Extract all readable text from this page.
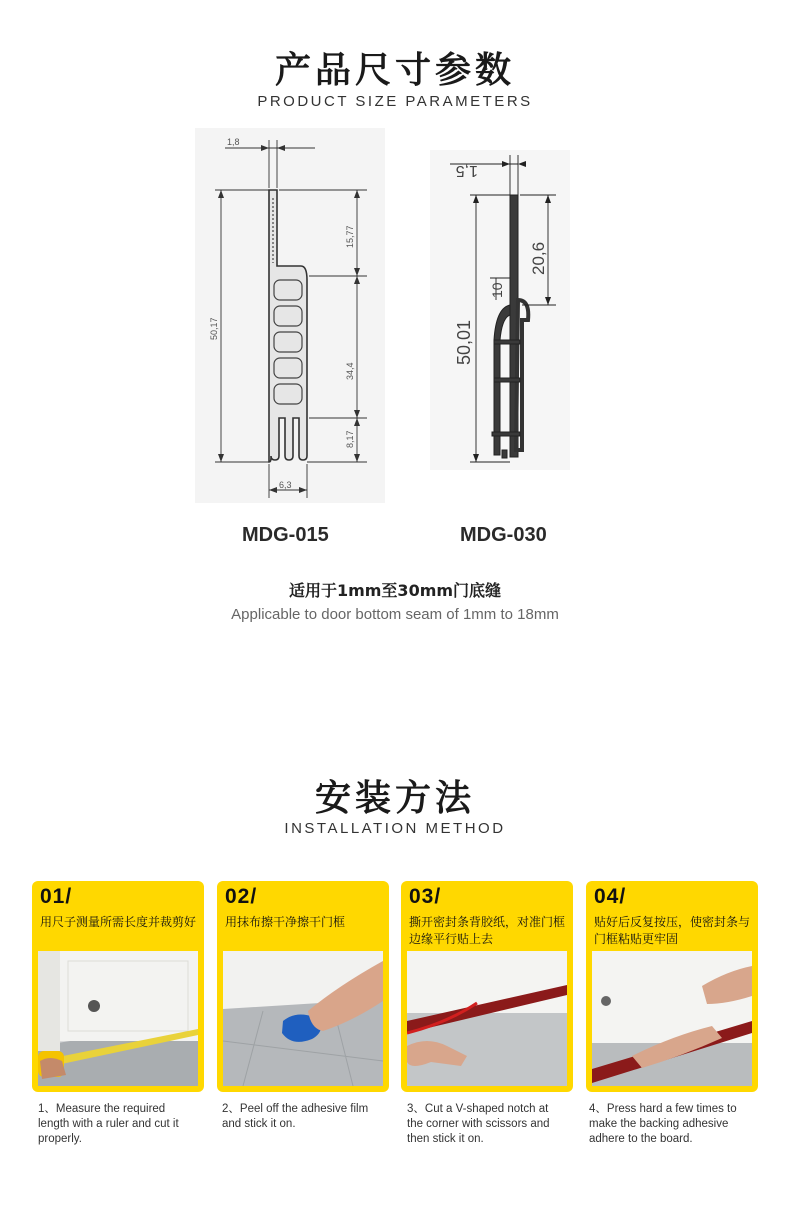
产品尺寸参数
PRODUCT SIZE PARAMETERS
1,8
50,17
15,77
34,4
8,17
6,3
1,5
20,6
10
50,01
MDG-015	MDG-030
适用于1mm至30mm门底缝
Applicable to door bottom seam of 1mm to 18mm
安装方法
INSTALLATION METHOD
01/
用尺子测量所需长度并裁剪好
02/
用抹布擦干净擦干门框
03/
撕开密封条背胶纸，对准门框边缘平行贴上去
04/
贴好后反复按压，使密封条与门框粘贴更牢固
1、Measure the required length with a ruler and cut it properly.
2、Peel off the adhesive film and stick it on.
3、Cut a V-shaped notch at the corner with scissors and then stick it on.
4、Press hard a few times to make the backing adhesive adhere to the board.
